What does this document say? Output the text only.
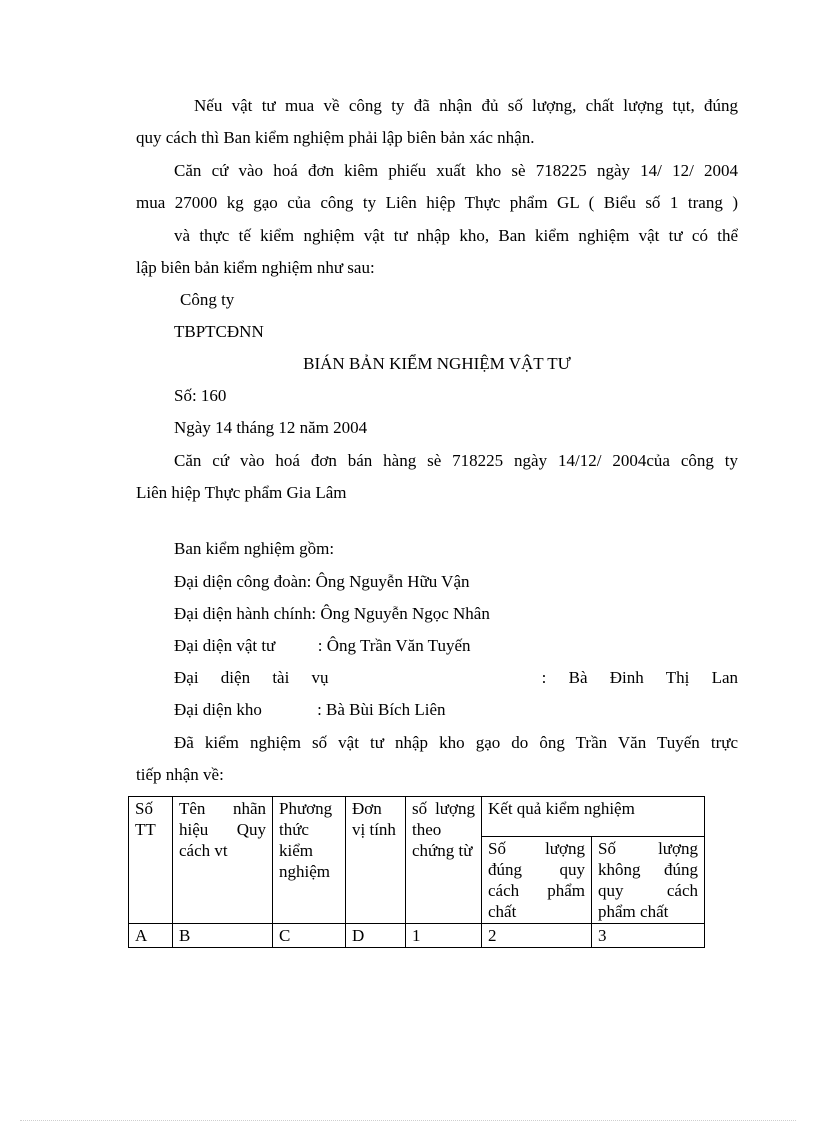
Nếu vật tư mua về công ty đã nhận đủ số lượng, chất lượng tụt, đúng
quy cách thì Ban kiểm nghiệm phải lập biên bản xác nhận.
Căn cứ vào hoá đơn kiêm phiếu xuất kho sè 718225 ngày 14/ 12/ 2004
mua 27000 kg gạo của công ty Liên hiệp Thực phẩm GL ( Biểu số 1 trang )
và thực tế kiểm nghiệm vật tư nhập kho, Ban kiểm nghiệm vật tư có thể
lập biên bản kiểm nghiệm như sau:
Công ty
TBPTCĐNN
BIÁN BẢN KIỂM NGHIỆM VẬT TƯ
Số: 160
Ngày 14 tháng 12 năm 2004
Căn cứ vào hoá đơn bán hàng sè 718225 ngày 14/12/ 2004của công ty
Liên hiệp Thực phẩm Gia Lâm
Ban kiểm nghiệm gồm:
Đại diện công đoàn: Ông Nguyễn Hữu Vận
Đại diện hành chính: Ông Nguyễn Ngọc Nhân
Đại diện vật tư          : Ông Trần Văn Tuyến
Đại diện tài vụ	: Bà Đinh Thị Lan
Đại diện kho             : Bà Bùi Bích Liên
Đã kiểm nghiệm số vật tư nhập kho gạo do ông Trần Văn Tuyến trực
tiếp nhận về:
Số TT	Tên nhãn hiệu Quy cách vt	Phương thức kiểm nghiệm	Đơn vị tính	số lượng theo chứng từ	Kết quả kiểm nghiệm	
					Số lượng đúng quy cách phẩm chất	Số lượng không đúng quy cách phẩm chất
A	B	C	D	1	2	3
